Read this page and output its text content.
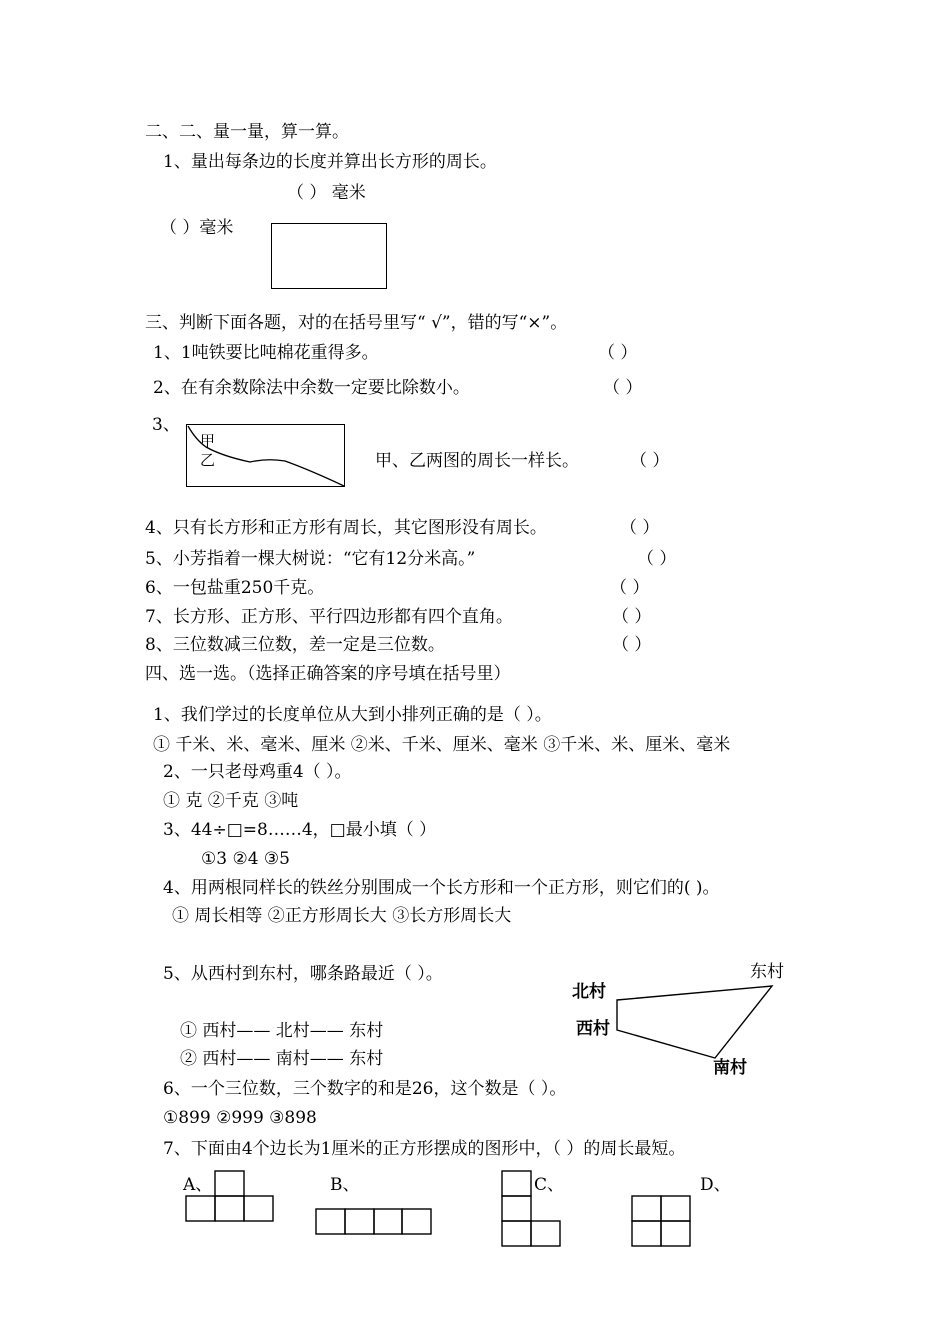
二、二、量一量，算一算。
1、量出每条边的长度并算出长方形的周长。
（ ） 毫米
（ ）毫米
三、判断下面各题，对的在括号里写“ √”，错的写“×”。
1、1吨铁要比吨棉花重得多。	（ ）
2、在有余数除法中余数一定要比除数小。	（ ）
3、
甲
乙	甲、乙两图的周长一样长。	（ ）
4、只有长方形和正方形有周长，其它图形没有周长。	（ ）
5、小芳指着一棵大树说：“它有12分米高。”	（ ）
6、一包盐重250千克。	（ ）
7、长方形、正方形、平行四边形都有四个直角。	（ ）
8、三位数减三位数，差一定是三位数。	（ ）
四、选一选。（选择正确答案的序号填在括号里）
1、我们学过的长度单位从大到小排列正确的是（ ）。
① 千米、米、毫米、厘米 ②米、千米、厘米、毫米 ③千米、米、厘米、毫米
2、一只老母鸡重4（ ）。
① 克 ②千克 ③吨
3、44÷□=8……4，□最小填（ ）
①3 ②4 ③5
4、用两根同样长的铁丝分别围成一个长方形和一个正方形，则它们的( )。
① 周长相等 ②正方形周长大 ③长方形周长大
5、从西村到东村，哪条路最近（ ）。
① 西村—— 北村—— 东村
② 西村—— 南村—— 东村
北村
西村
东村
南村
6、一个三位数，三个数字的和是26，这个数是（ ）。
①899 ②999 ③898
7、下面由4个边长为1厘米的正方形摆成的图形中，（ ）的周长最短。
A、	B、	C、	D、
